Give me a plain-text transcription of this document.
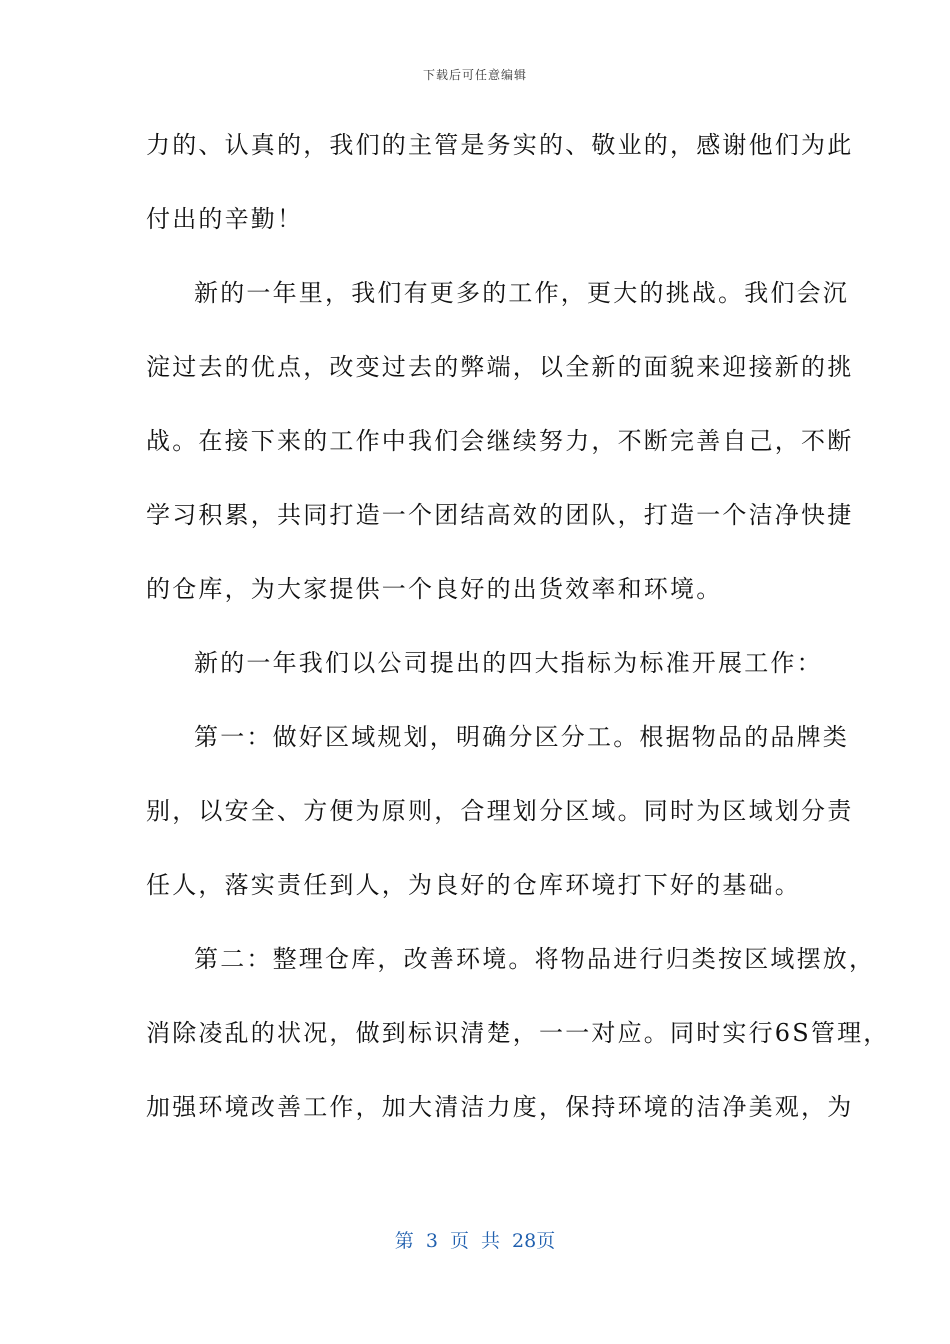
下载后可任意编辑
力的、认真的，我们的主管是务实的、敬业的，感谢他们为此
付出的辛勤！
新的一年里，我们有更多的工作，更大的挑战。我们会沉
淀过去的优点，改变过去的弊端，以全新的面貌来迎接新的挑
战。在接下来的工作中我们会继续努力，不断完善自己，不断
学习积累，共同打造一个团结高效的团队，打造一个洁净快捷
的仓库，为大家提供一个良好的出货效率和环境。
新的一年我们以公司提出的四大指标为标准开展工作：
第一：做好区域规划，明确分区分工。根据物品的品牌类
别，以安全、方便为原则，合理划分区域。同时为区域划分责
任人，落实责任到人，为良好的仓库环境打下好的基础。
第二：整理仓库，改善环境。将物品进行归类按区域摆放，
消除凌乱的状况，做到标识清楚，一一对应。同时实行6S管理，
加强环境改善工作，加大清洁力度，保持环境的洁净美观，为
第 3 页 共 28页
